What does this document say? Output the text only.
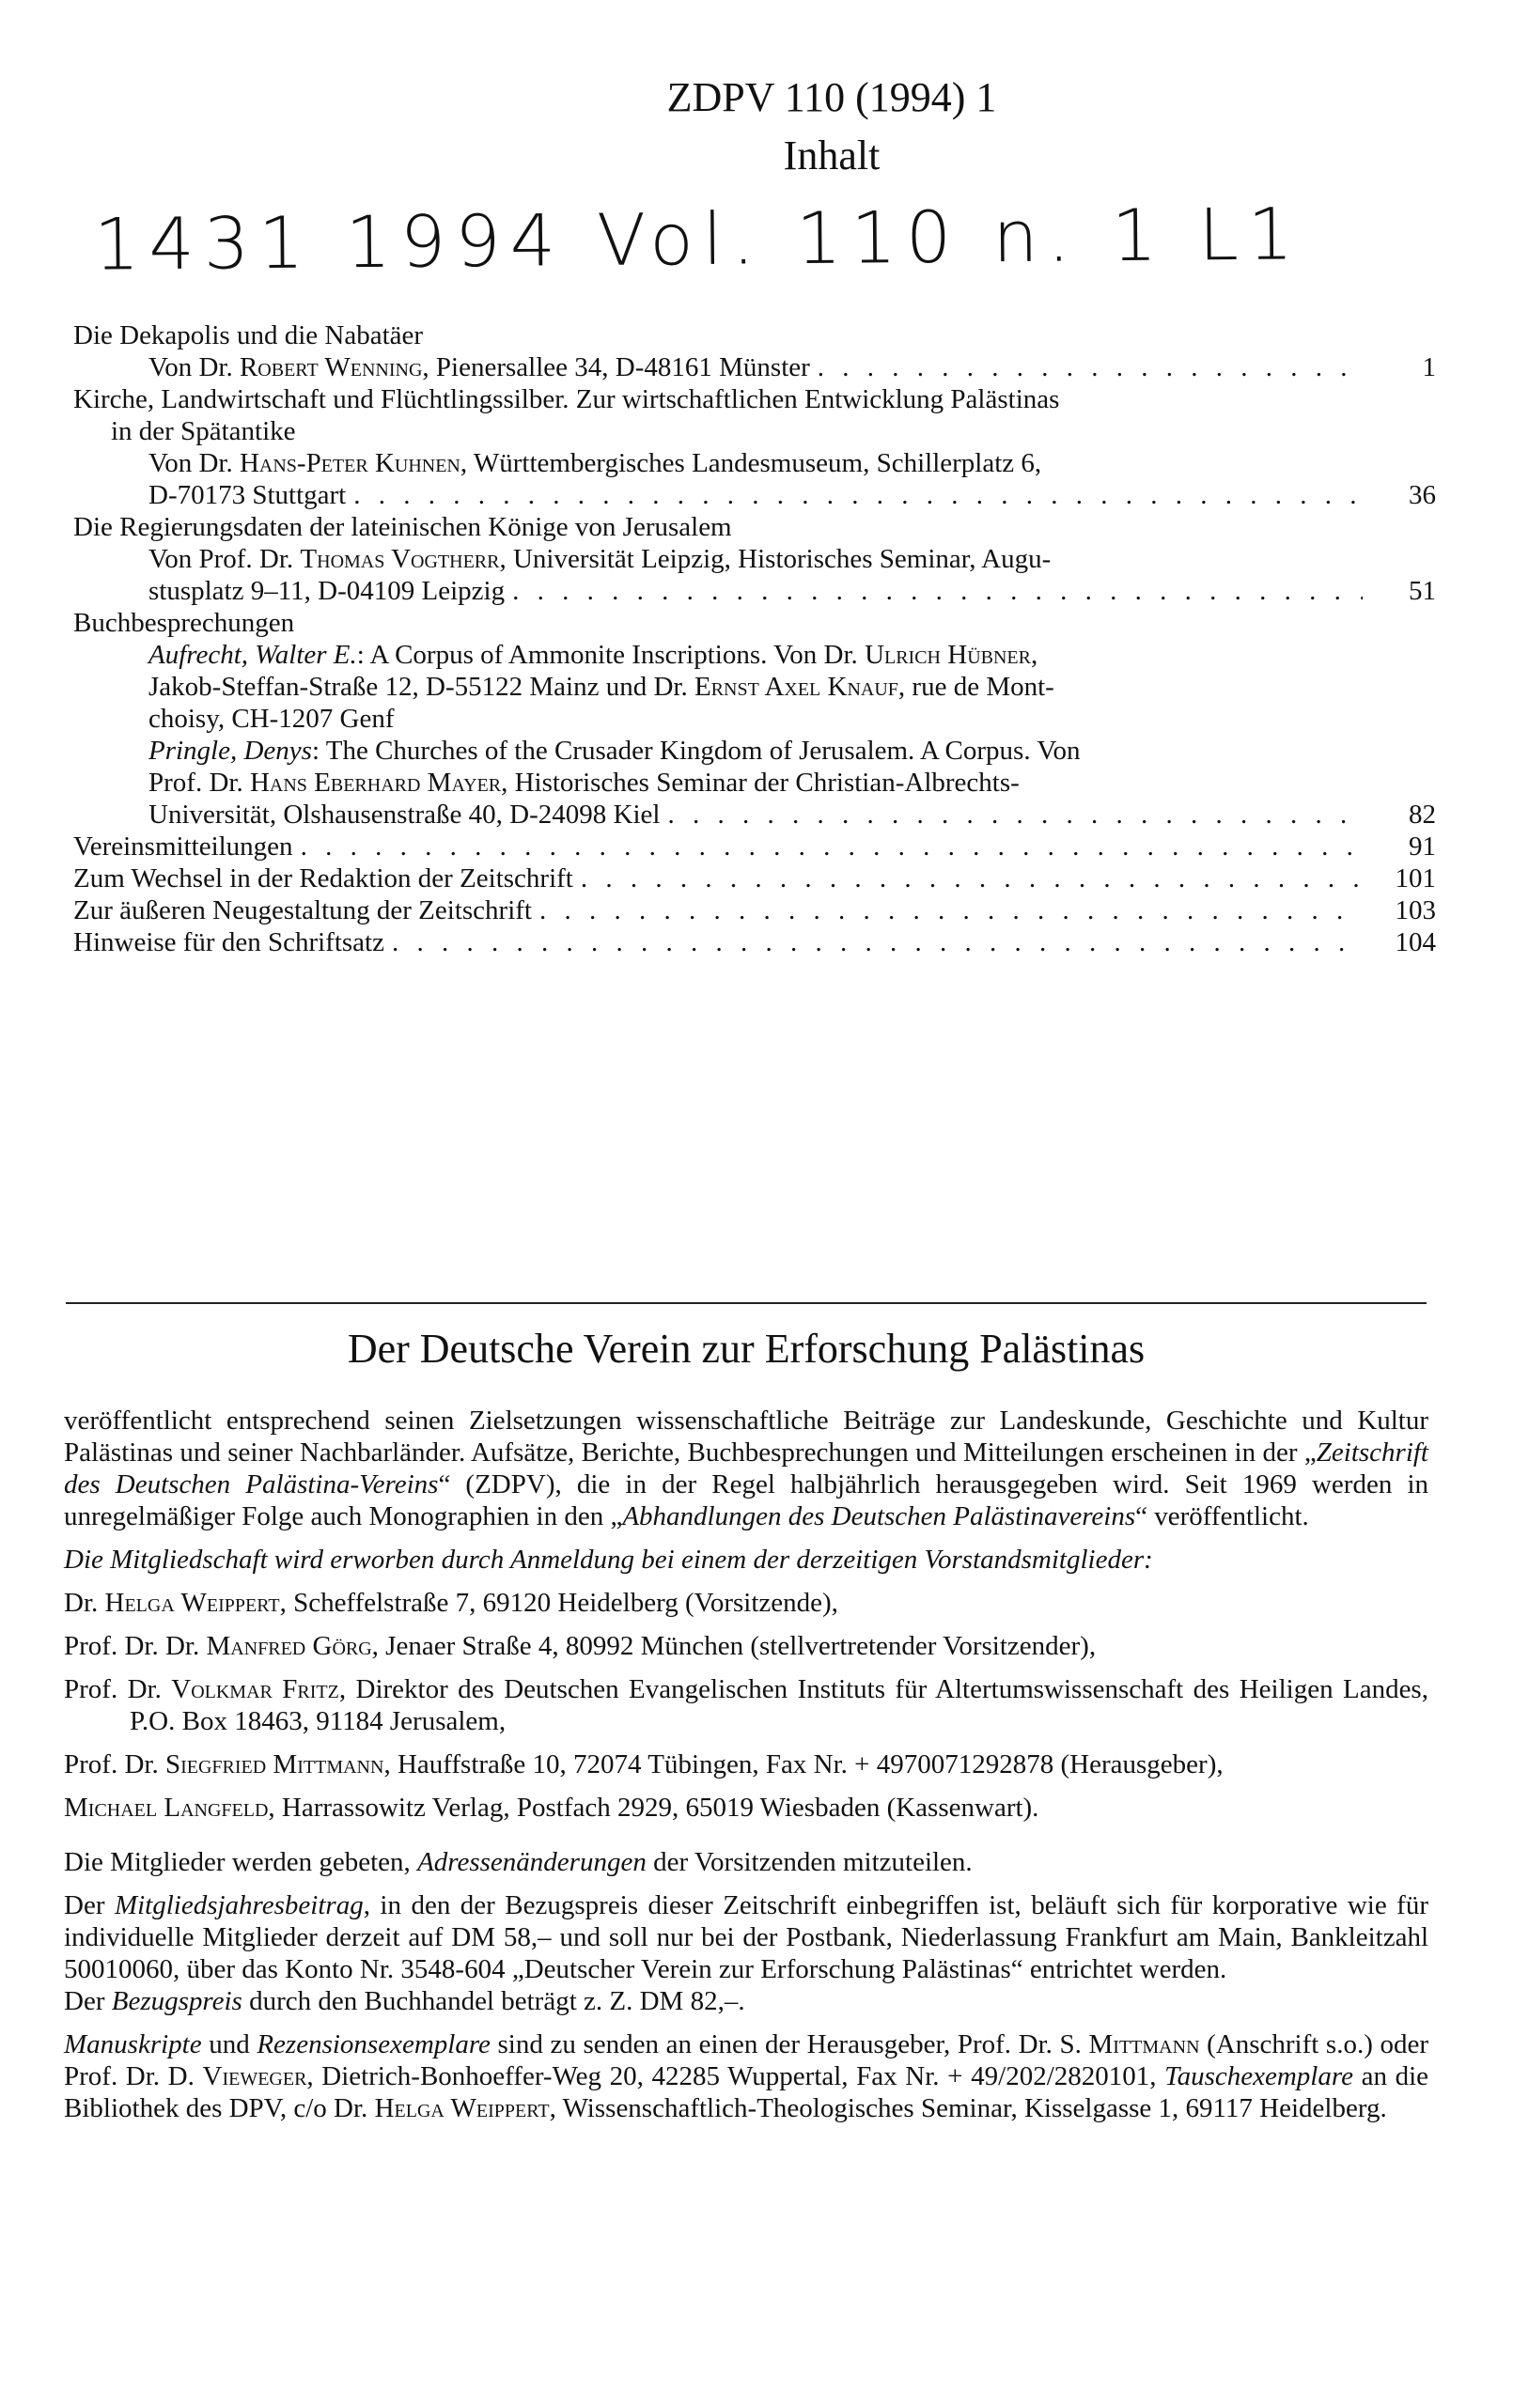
ZDPV 110 (1994) 1
Inhalt
1431 1994 Vol. 110 n. 1 L1
Die Dekapolis und die Nabatäer
Von Dr. Robert Wenning, Pienersallee 34, D-48161 Münster . . .	1
Kirche, Landwirtschaft und Flüchtlingssilber. Zur wirtschaftlichen Entwicklung Palästinas
in der Spätantike
Von Dr. Hans-Peter Kuhnen, Württembergisches Landesmuseum, Schillerplatz 6,
D-70173 Stuttgart . . .	36
Die Regierungsdaten der lateinischen Könige von Jerusalem
Von Prof. Dr. Thomas Vogtherr, Universität Leipzig, Historisches Seminar, Augu-
stusplatz 9–11, D-04109 Leipzig . . .	51
Buchbesprechungen
Aufrecht, Walter E.: A Corpus of Ammonite Inscriptions. Von Dr. Ulrich Hübner,
Jakob-Steffan-Straße 12, D-55122 Mainz und Dr. Ernst Axel Knauf, rue de Mont-
choisy, CH-1207 Genf
Pringle, Denys: The Churches of the Crusader Kingdom of Jerusalem. A Corpus. Von
Prof. Dr. Hans Eberhard Mayer, Historisches Seminar der Christian-Albrechts-
Universität, Olshausenstraße 40, D-24098 Kiel . . .	82
Vereinsmitteilungen . . .	91
Zum Wechsel in der Redaktion der Zeitschrift . . .	101
Zur äußeren Neugestaltung der Zeitschrift . . .	103
Hinweise für den Schriftsatz . . .	104
Der Deutsche Verein zur Erforschung Palästinas

veröffentlicht entsprechend seinen Zielsetzungen wissenschaftliche Beiträge zur Landeskunde, Geschichte und Kultur Palästinas und seiner Nachbarländer. Aufsätze, Berichte, Buchbesprechungen und Mitteilungen erscheinen in der „Zeitschrift des Deutschen Palästina-Vereins“ (ZDPV), die in der Regel halbjährlich herausgegeben wird. Seit 1969 werden in unregelmäßiger Folge auch Monographien in den „Abhandlungen des Deutschen Palästinavereins“ veröffentlicht.

Die Mitgliedschaft wird erworben durch Anmeldung bei einem der derzeitigen Vorstandsmitglieder:

Dr. Helga Weippert, Scheffelstraße 7, 69120 Heidelberg (Vorsitzende),

Prof. Dr. Dr. Manfred Görg, Jenaer Straße 4, 80992 München (stellvertretender Vorsitzender),

Prof. Dr. Volkmar Fritz, Direktor des Deutschen Evangelischen Instituts für Altertumswissenschaft des Heiligen Landes, P.O. Box 18463, 91184 Jerusalem,

Prof. Dr. Siegfried Mittmann, Hauffstraße 10, 72074 Tübingen, Fax Nr. + 4970071292878 (Herausgeber),

Michael Langfeld, Harrassowitz Verlag, Postfach 2929, 65019 Wiesbaden (Kassenwart).

Die Mitglieder werden gebeten, Adressenänderungen der Vorsitzenden mitzuteilen.

Der Mitgliedsjahresbeitrag, in den der Bezugspreis dieser Zeitschrift einbegriffen ist, beläuft sich für korporative wie für individuelle Mitglieder derzeit auf DM 58,– und soll nur bei der Postbank, Niederlassung Frankfurt am Main, Bankleitzahl 50010060, über das Konto Nr. 3548-604 „Deutscher Verein zur Erforschung Palästinas“ entrichtet werden.

Der Bezugspreis durch den Buchhandel beträgt z. Z. DM 82,–.

Manuskripte und Rezensionsexemplare sind zu senden an einen der Herausgeber, Prof. Dr. S. Mittmann (Anschrift s.o.) oder Prof. Dr. D. Vieweger, Dietrich-Bonhoeffer-Weg 20, 42285 Wuppertal, Fax Nr. + 49/202/2820101, Tauschexemplare an die Bibliothek des DPV, c/o Dr. Helga Weippert, Wissenschaftlich-Theologisches Seminar, Kisselgasse 1, 69117 Heidelberg.
